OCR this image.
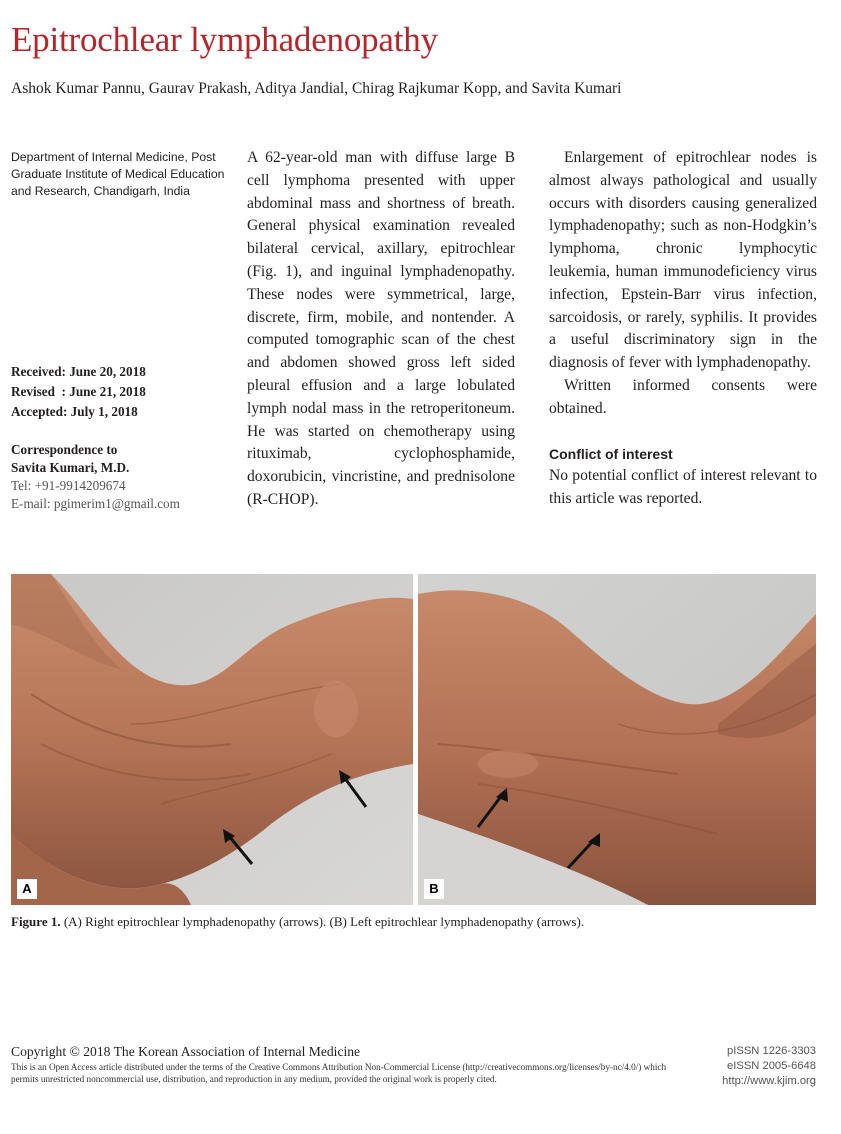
Epitrochlear lymphadenopathy
Ashok Kumar Pannu, Gaurav Prakash, Aditya Jandial, Chirag Rajkumar Kopp, and Savita Kumari
Department of Internal Medicine, Post Graduate Institute of Medical Education and Research, Chandigarh, India
Received: June 20, 2018
Revised  : June 21, 2018
Accepted: July 1, 2018
Correspondence to
Savita Kumari, M.D.
Tel: +91-9914209674
E-mail: pgimerim1@gmail.com

A 62-year-old man with diffuse large B cell lymphoma presented with upper abdominal mass and shortness of breath. General physical examination revealed bilateral cervical, axillary, epitrochlear (Fig. 1), and inguinal lymphadenopathy. These nodes were symmetrical, large, discrete, firm, mobile, and nontender. A computed tomographic scan of the chest and abdomen showed gross left sided pleural effusion and a large lobulated lymph nodal mass in the retroperitoneum. He was started on chemotherapy using rituximab, cyclophosphamide, doxorubicin, vincristine, and prednisolone (R-CHOP).

Enlargement of epitrochlear nodes is almost always pathological and usually occurs with disorders causing generalized lymphadenopathy; such as non-Hodgkin’s lymphoma, chronic lymphocytic leukemia, human immunodeficiency virus infection, Epstein-Barr virus infection, sarcoidosis, or rarely, syphilis. It provides a useful discriminatory sign in the diagnosis of fever with lymphadenopathy.

Written informed consents were obtained.

Conflict of interest

No potential conflict of interest relevant to this article was reported.

A	B
Figure 1. (A) Right epitrochlear lymphadenopathy (arrows). (B) Left epitrochlear lymphadenopathy (arrows).
Copyright © 2018 The Korean Association of Internal Medicine
This is an Open Access article distributed under the terms of the Creative Commons Attribution Non-Commercial License (http://creativecommons.org/licenses/by-nc/4.0/) which permits unrestricted noncommercial use, distribution, and reproduction in any medium, provided the original work is properly cited.
pISSN 1226-3303
eISSN 2005-6648
http://www.kjim.org
